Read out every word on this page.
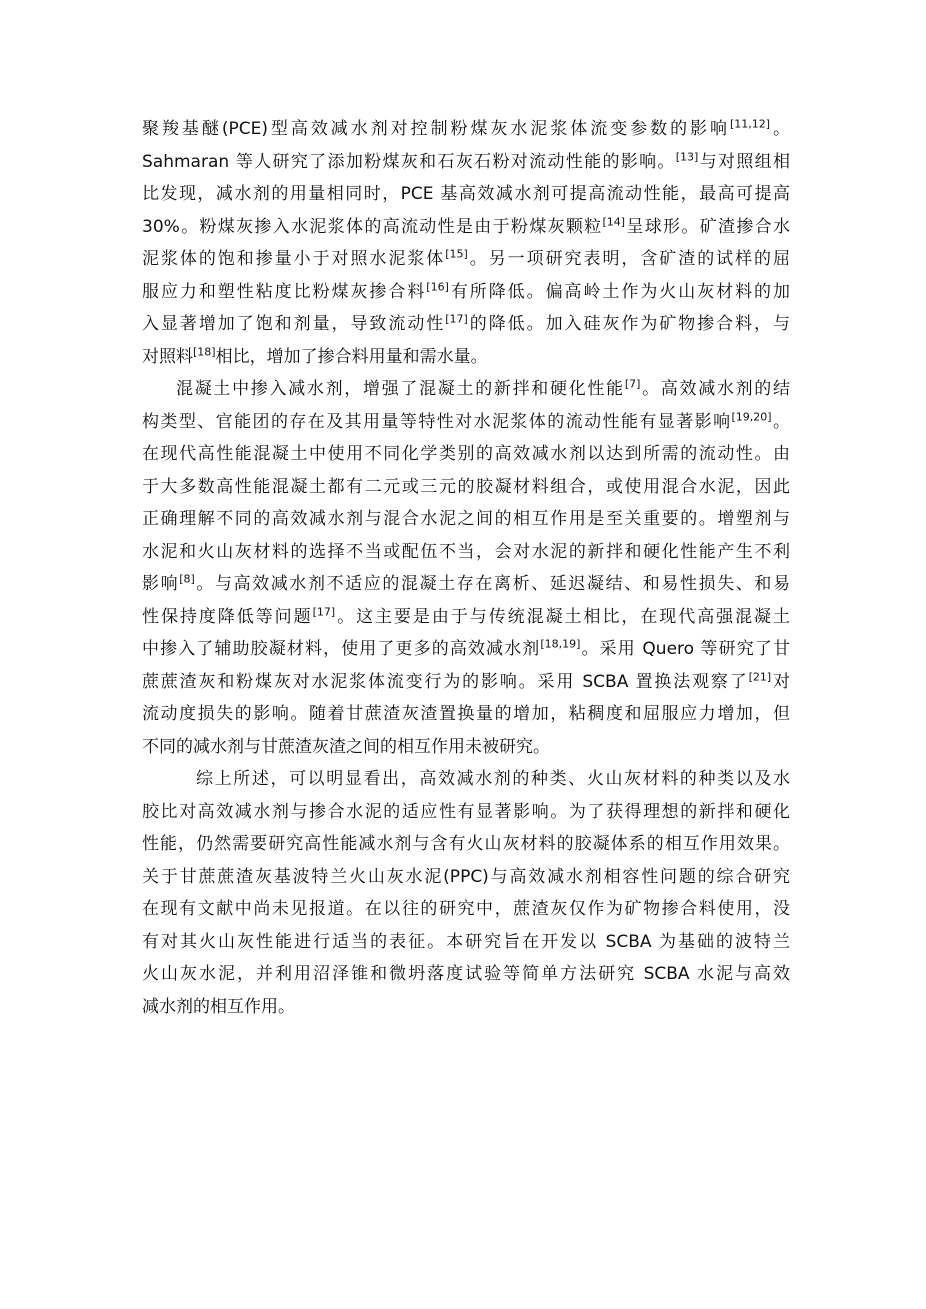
聚羧基醚(PCE)型高效减水剂对控制粉煤灰水泥浆体流变参数的影响[11,12]。
Sahmaran 等人研究了添加粉煤灰和石灰石粉对流动性能的影响。[13]与对照组相
比发现，减水剂的用量相同时，PCE 基高效减水剂可提高流动性能，最高可提高
30%。粉煤灰掺入水泥浆体的高流动性是由于粉煤灰颗粒[14]呈球形。矿渣掺合水
泥浆体的饱和掺量小于对照水泥浆体[15]。另一项研究表明，含矿渣的试样的屈
服应力和塑性粘度比粉煤灰掺合料[16]有所降低。偏高岭土作为火山灰材料的加
入显著增加了饱和剂量，导致流动性[17]的降低。加入硅灰作为矿物掺合料，与
对照料[18]相比，增加了掺合料用量和需水量。
混凝土中掺入减水剂，增强了混凝土的新拌和硬化性能[7]。高效减水剂的结
构类型、官能团的存在及其用量等特性对水泥浆体的流动性能有显著影响[19,20]。
在现代高性能混凝土中使用不同化学类别的高效减水剂以达到所需的流动性。由
于大多数高性能混凝土都有二元或三元的胶凝材料组合，或使用混合水泥，因此
正确理解不同的高效减水剂与混合水泥之间的相互作用是至关重要的。增塑剂与
水泥和火山灰材料的选择不当或配伍不当，会对水泥的新拌和硬化性能产生不利
影响[8]。与高效减水剂不适应的混凝土存在离析、延迟凝结、和易性损失、和易
性保持度降低等问题[17]。这主要是由于与传统混凝土相比，在现代高强混凝土
中掺入了辅助胶凝材料，使用了更多的高效减水剂[18,19]。采用 Quero 等研究了甘
蔗蔗渣灰和粉煤灰对水泥浆体流变行为的影响。采用 SCBA 置换法观察了[21]对
流动度损失的影响。随着甘蔗渣灰渣置换量的增加，粘稠度和屈服应力增加，但
不同的减水剂与甘蔗渣灰渣之间的相互作用未被研究。
综上所述，可以明显看出，高效减水剂的种类、火山灰材料的种类以及水
胶比对高效减水剂与掺合水泥的适应性有显著影响。为了获得理想的新拌和硬化
性能，仍然需要研究高性能减水剂与含有火山灰材料的胶凝体系的相互作用效果。
关于甘蔗蔗渣灰基波特兰火山灰水泥(PPC)与高效减水剂相容性问题的综合研究
在现有文献中尚未见报道。在以往的研究中，蔗渣灰仅作为矿物掺合料使用，没
有对其火山灰性能进行适当的表征。本研究旨在开发以 SCBA 为基础的波特兰
火山灰水泥，并利用沼泽锥和微坍落度试验等简单方法研究 SCBA 水泥与高效
减水剂的相互作用。
